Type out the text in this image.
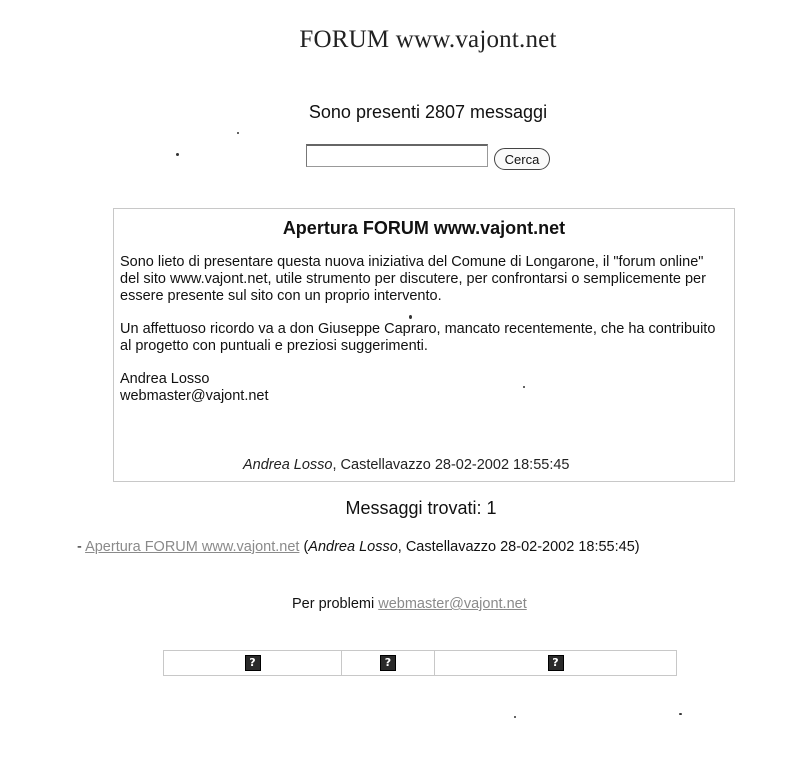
FORUM www.vajont.net
Sono presenti 2807 messaggi
Cerca
Apertura FORUM www.vajont.net

Sono lieto di presentare questa nuova iniziativa del Comune di Longarone, il "forum online" del sito www.vajont.net, utile strumento per discutere, per confrontarsi o semplicemente per essere presente sul sito con un proprio intervento.

Un affettuoso ricordo va a don Giuseppe Capraro, mancato recentemente, che ha contribuito al progetto con puntuali e preziosi suggerimenti.

Andrea Losso
webmaster@vajont.net
Andrea Losso, Castellavazzo 28-02-2002 18:55:45
Messaggi trovati: 1
- Apertura FORUM www.vajont.net (Andrea Losso, Castellavazzo 28-02-2002 18:55:45)
Per problemi webmaster@vajont.net
?	?	?
